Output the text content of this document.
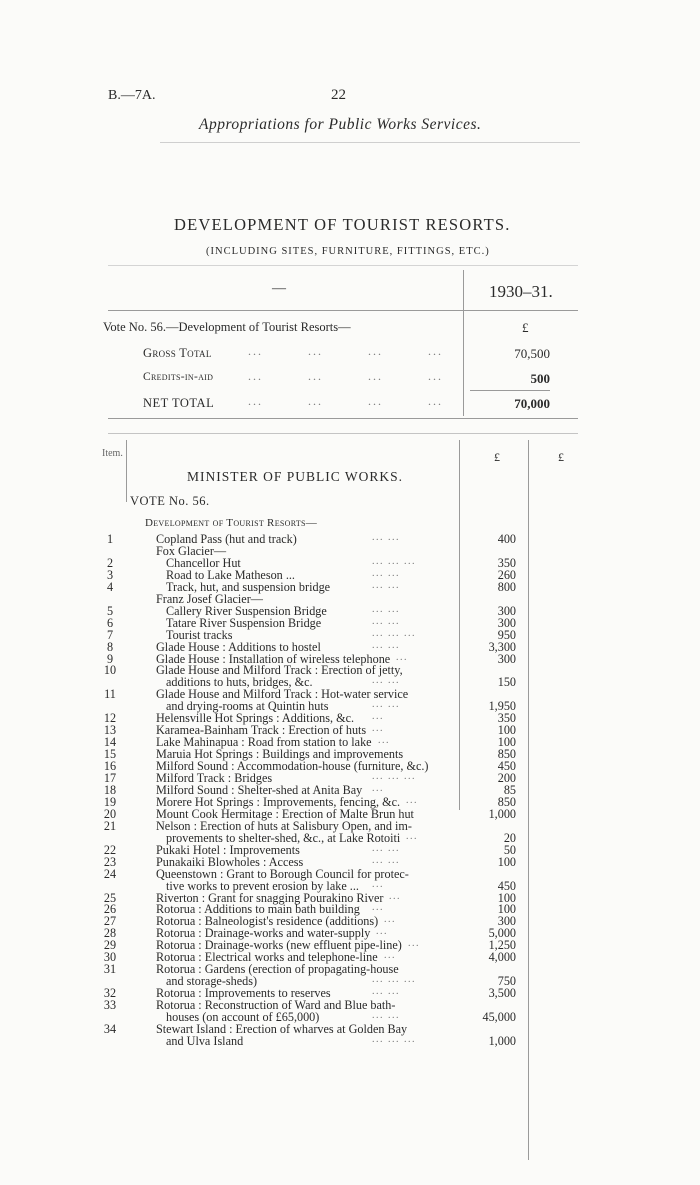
B.—7A.	22
Appropriations for Public Works Services.
DEVELOPMENT OF TOURIST RESORTS.
(INCLUDING SITES, FURNITURE, FITTINGS, ETC.)
—	1930–31.
Vote No. 56.—Development of Tourist Resorts—	£
Gross Total	... ... ... ...	70,500
Credits-in-aid	... ... ... ...	500
NET TOTAL	... ... ... ...	70,000
Item.	£	£
MINISTER OF PUBLIC WORKS.
VOTE No. 56.
Development of Tourist Resorts—
1	Copland Pass (hut and track)	... ...	400
Fox Glacier—
2	Chancellor Hut	... ... ...	350
3	Road to Lake Matheson ...	... ...	260
4	Track, hut, and suspension bridge	... ...	800
Franz Josef Glacier—
5	Callery River Suspension Bridge	... ...	300
6	Tatare River Suspension Bridge	... ...	300
7	Tourist tracks	... ... ...	950
8	Glade House : Additions to hostel	... ...	3,300
9	Glade House : Installation of wireless telephone ...	300
10	Glade House and Milford Track : Erection of jetty,
additions to huts, bridges, &c.	... ...	150
11	Glade House and Milford Track : Hot-water service
and drying-rooms at Quintin huts	... ...	1,950
12	Helensville Hot Springs : Additions, &c. ...	350
13	Karamea-Bainham Track : Erection of huts ...	100
14	Lake Mahinapua : Road from station to lake ...	100
15	Maruia Hot Springs : Buildings and improvements	850
16	Milford Sound : Accommodation-house (furniture, &c.)	450
17	Milford Track : Bridges	... ... ...	200
18	Milford Sound : Shelter-shed at Anita Bay ...	85
19	Morere Hot Springs : Improvements, fencing, &c. ...	850
20	Mount Cook Hermitage : Erection of Malte Brun hut	1,000
21	Nelson : Erection of huts at Salisbury Open, and im-
provements to shelter-shed, &c., at Lake Rotoiti ...	20
22	Pukaki Hotel : Improvements	... ...	50
23	Punakaiki Blowholes : Access	... ...	100
24	Queenstown : Grant to Borough Council for protec-
tive works to prevent erosion by lake ... ...	450
25	Riverton : Grant for snagging Pourakino River ...	100
26	Rotorua : Additions to main bath building ...	100
27	Rotorua : Balneologist's residence (additions) ...	300
28	Rotorua : Drainage-works and water-supply ...	5,000
29	Rotorua : Drainage-works (new effluent pipe-line) ...	1,250
30	Rotorua : Electrical works and telephone-line ...	4,000
31	Rotorua : Gardens (erection of propagating-house
and storage-sheds)	... ... ...	750
32	Rotorua : Improvements to reserves	... ...	3,500
33	Rotorua : Reconstruction of Ward and Blue bath-
houses (on account of £65,000)	... ...	45,000
34	Stewart Island : Erection of wharves at Golden Bay
and Ulva Island	... ... ...	1,000
